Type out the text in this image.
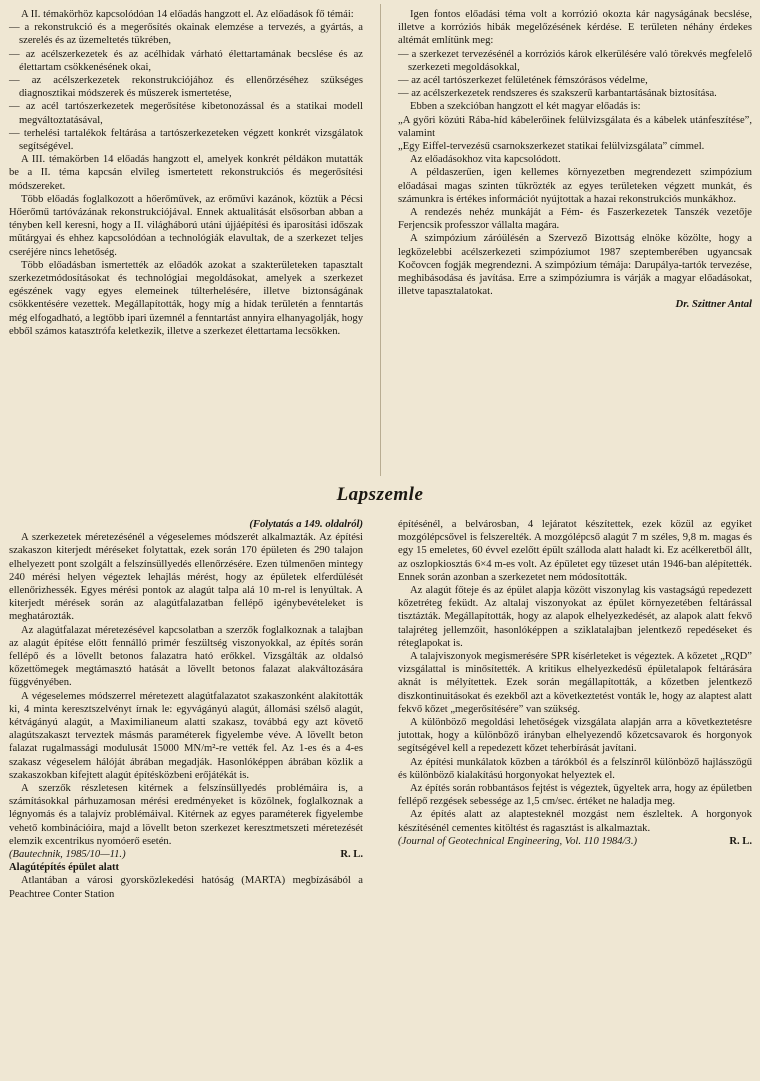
A II. témakörhöz kapcsolódóan 14 előadás hangzott el. Az előadások fő témái:

— a rekonstrukció és a megerősítés okainak elemzése a tervezés, a gyártás, a szerelés és az üzemeltetés tükrében,

— az acélszerkezetek és az acélhidak várható élettartamának becslése és az élettartam csökkenésének okai,

— az acélszerkezetek rekonstrukciójához és ellenőrzéséhez szükséges diagnosztikai módszerek és műszerek ismertetése,

— az acél tartószerkezetek megerősítése kibetonozással és a statikai modell megváltoztatásával,

— terhelési tartalékok feltárása a tartószerkezeteken végzett konkrét vizsgálatok segítségével.

A III. témakörben 14 előadás hangzott el, amelyek konkrét példákon mutatták be a II. téma kapcsán elvileg ismertetett rekonstrukciós és megerősítési módszereket.

Több előadás foglalkozott a hőerőművek, az erőművi kazánok, köztük a Pécsi Hőerőmű tartóvázának rekonstrukciójával. Ennek aktualitását elsősorban abban a tényben kell keresni, hogy a II. világháború utáni újjáépítési és iparosítási időszak műtárgyai és ehhez kapcsolódóan a technológiák elavultak, de a szerkezet teljes cseréjére nincs lehetőség.

Több előadásban ismertették az előadók azokat a szakterületeken tapasztalt szerkezetmódosításokat és technológiai megoldásokat, amelyek a szerkezet egészének vagy egyes elemeinek túlterhelésére, illetve biztonságának csökkentésére vezettek. Megállapították, hogy míg a hidak területén a fenntartás még elfogadható, a legtöbb ipari üzemnél a fenntartást annyira elhanyagolják, hogy ebből számos katasztrófa keletkezik, illetve a szerkezet élettartama lecsökken.

Igen fontos előadási téma volt a korrózió okozta kár nagyságának becslése, illetve a korróziós hibák megelőzésének kérdése. E területen néhány érdekes altémát említünk meg:

— a szerkezet tervezésénél a korróziós károk elkerülésére való törekvés megfelelő szerkezeti megoldásokkal,

— az acél tartószerkezet felületének fémszórásos védelme,

— az acélszerkezetek rendszeres és szakszerű karbantartásának biztosítása.

Ebben a szekcióban hangzott el két magyar előadás is:

„A győri közúti Rába-híd kábelerőinek felülvizsgálata és a kábelek utánfeszítése”, valamint

„Egy Eiffel-tervezésű csarnokszerkezet statikai felülvizsgálata” címmel.

Az előadásokhoz vita kapcsolódott.

A példaszerűen, igen kellemes környezetben megrendezett szimpózium előadásai magas szinten tükrözték az egyes területeken végzett munkát, és számunkra is értékes információt nyújtottak a hazai rekonstrukciós munkákhoz.

A rendezés nehéz munkáját a Fém- és Faszerkezetek Tanszék vezetője Ferjencsik professzor vállalta magára.

A szimpózium záróülésén a Szervező Bizottság elnöke közölte, hogy a legközelebbi acélszerkezeti szimpóziumot 1987 szeptemberében ugyancsak Kočovcen fogják megrendezni. A szimpózium témája: Darupálya-tartók tervezése, meghibásodása és javítása. Erre a szimpóziumra is várják a magyar előadásokat, illetve tapasztalatokat.

Dr. Szittner Antal

Lapszemle

(Folytatás a 149. oldalról)

A szerkezetek méretezésénél a végeselemes módszerét alkalmazták. Az építési szakaszon kiterjedt méréseket folytattak, ezek során 170 épületen és 290 talajon elhelyezett pont szolgált a felszínsüllyedés ellenőrzésére. Ezen túlmenően mintegy 240 mérési helyen végeztek lehajlás mérést, hogy az épületek elferdülését ellenőrizhessék. Egyes mérési pontok az alagút talpa alá 10 m-rel is lenyúltak. A kiterjedt mérések során az alagútfalazatban fellépő igénybevételeket is meghatározták.

Az alagútfalazat méretezésével kapcsolatban a szerzők foglalkoznak a talajban az alagút építése előtt fennálló primér feszültség viszonyokkal, az építés során fellépő és a lövellt betonos falazatra ható erőkkel. Vizsgálták az oldalsó kőzettömegek megtámasztó hatását a lövellt betonos falazat alakváltozására függvényében.

A végeselemes módszerrel méretezett alagútfalazatot szakaszonként alakították ki, 4 minta keresztszelvényt írnak le: egyvágányú alagút, állomási szélső alagút, kétvágányú alagút, a Maximilianeum alatti szakasz, továbbá egy azt követő alagútszakaszt terveztek másmás paraméterek figyelembe véve. A lövellt beton falazat rugalmassági modulusát 15000 MN/m²-re vették fel. Az 1-es és a 4-es szakasz végeselem hálóját ábrában megadják. Hasonlóképpen ábrában közlik a szakaszokban kifejtett alagút építésközbeni erőjátékát is.

A szerzők részletesen kitérnek a felszínsüllyedés problémáira is, a számításokkal párhuzamosan mérési eredményeket is közölnek, foglalkoznak a légnyomás és a talajvíz problémáival. Kitérnek az egyes paraméterek figyelembe vehető kombinációira, majd a lövellt beton szerkezet keresztmetszeti méretezését elemzik excentrikus nyomóerő esetén.

R. L.
(Bautechnik, 1985/10—11.)

Alagútépítés épület alatt

Atlantában a városi gyorsközlekedési hatóság (MARTA) megbízásából a Peachtree Conter Station

építésénél, a belvárosban, 4 lejáratot készítettek, ezek közül az egyiket mozgólépcsővel is felszerelték. A mozgólépcső alagút 7 m széles, 9,8 m. magas és egy 15 emeletes, 60 évvel ezelőtt épült szálloda alatt haladt ki. Ez acélkeretből állt, az oszlopkiosztás 6×4 m-es volt. Az épületet egy tűzeset után 1946-ban alépítették. Ennek során azonban a szerkezetet nem módosították.

Az alagút főteje és az épület alapja között viszonylag kis vastagságú repedezett kőzetréteg feküdt. Az altalaj viszonyokat az épület környezetében feltárással tisztázták. Megállapították, hogy az alapok elhelyezkedését, az alapok alatt fekvő talajréteg jellemzőit, hasonlóképpen a sziklatalajban jelentkező repedéseket és réteglapokat is.

A talajviszonyok megismerésére SPR kísérleteket is végeztek. A kőzetet „RQD” vizsgálattal is minősítették. A kritikus elhelyezkedésű épületalapok feltárására aknát is mélyítettek. Ezek során megállapították, a kőzetben jelentkező diszkontinuitásokat és ezekből azt a következtetést vonták le, hogy az alaptest alatt fekvő kőzet „megerősítésére” van szükség.

A különböző megoldási lehetőségek vizsgálata alapján arra a következtetésre jutottak, hogy a különböző irányban elhelyezendő kőzetcsavarok és horgonyok segítségével kell a repedezett kőzet teherbírását javítani.

Az építési munkálatok közben a tárókból és a felszínről különböző hajlásszögű és különböző kialakítású horgonyokat helyeztek el.

Az építés során robbantásos fejtést is végeztek, ügyeltek arra, hogy az épületben fellépő rezgések sebessége az 1,5 cm/sec. értéket ne haladja meg.

Az építés alatt az alaptesteknél mozgást nem észleltek. A horgonyok készítésénél cementes kitöltést és ragasztást is alkalmaztak.

R. L.
(Journal of Geotechnical Engineering, Vol. 110 1984/3.)
